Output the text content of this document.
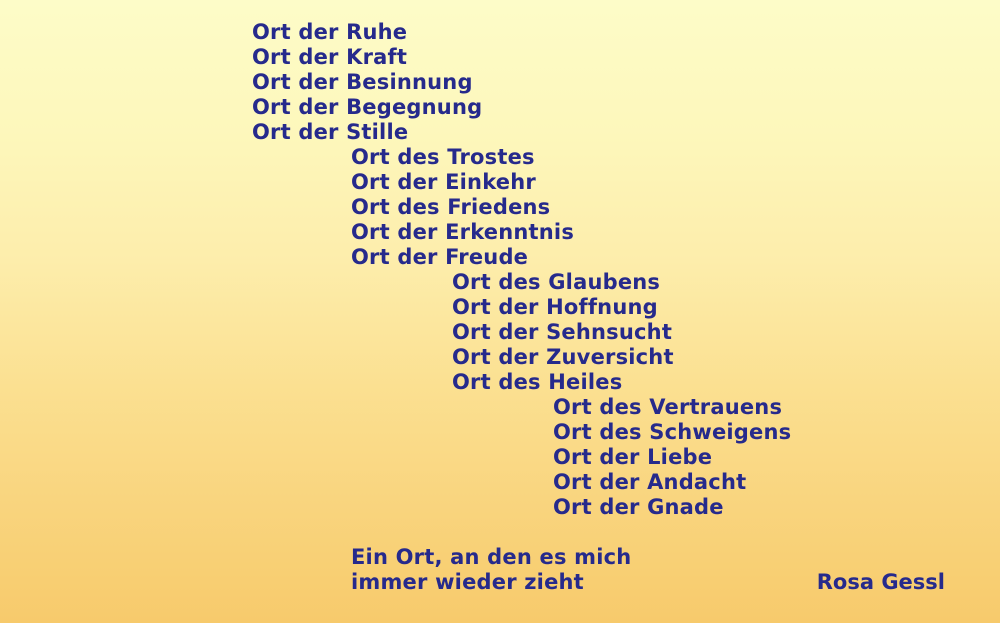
Ort der Ruhe
Ort der Kraft
Ort der Besinnung
Ort der Begegnung
Ort der Stille
Ort des Trostes
Ort der Einkehr
Ort des Friedens
Ort der Erkenntnis
Ort der Freude
Ort des Glaubens
Ort der Hoffnung
Ort der Sehnsucht
Ort der Zuversicht
Ort des Heiles
Ort des Vertrauens
Ort des Schweigens
Ort der Liebe
Ort der Andacht
Ort der Gnade
Ein Ort, an den es mich
immer wieder zieht	Rosa Gessl
